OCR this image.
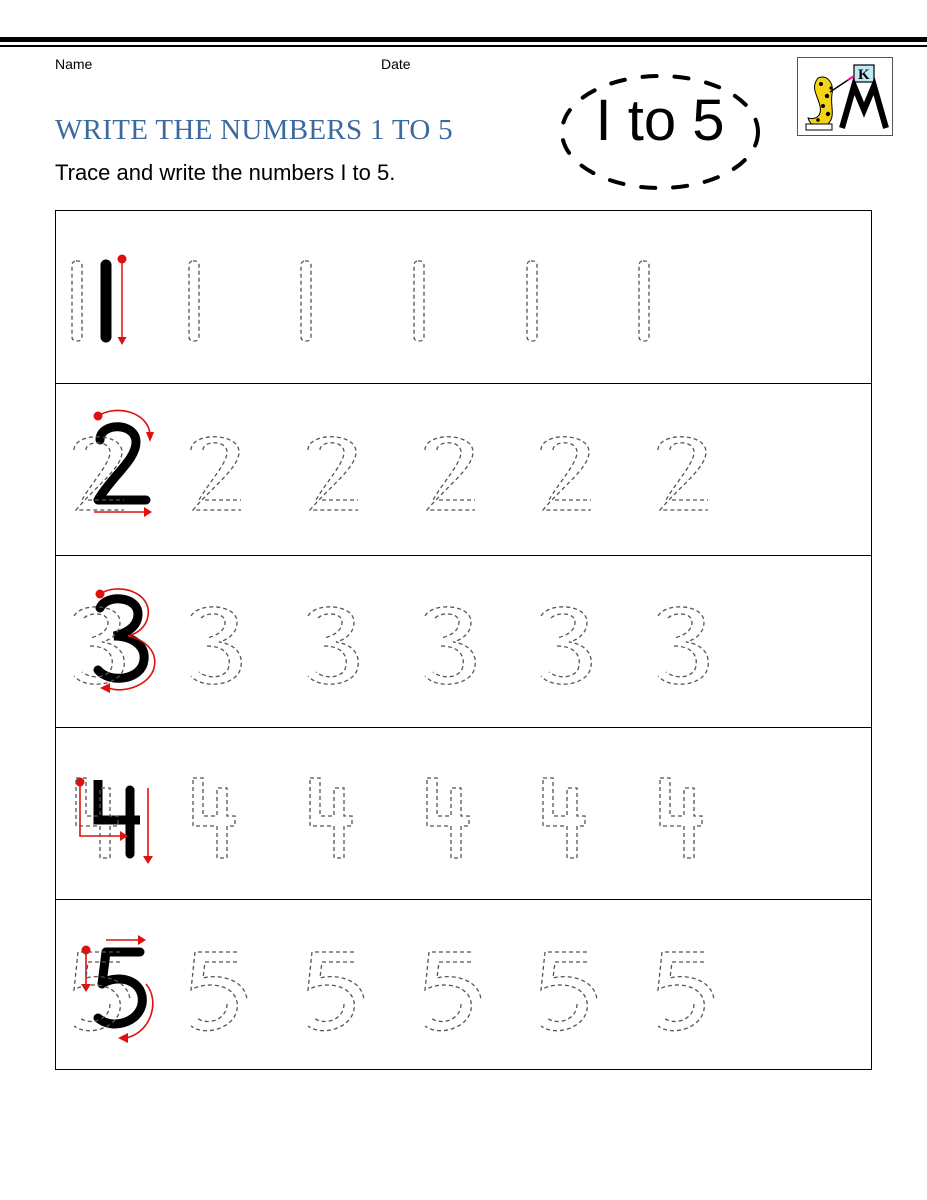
Name	Date
WRITE THE NUMBERS 1 TO 5
Trace and write the numbers I to 5.
I to 5
K
